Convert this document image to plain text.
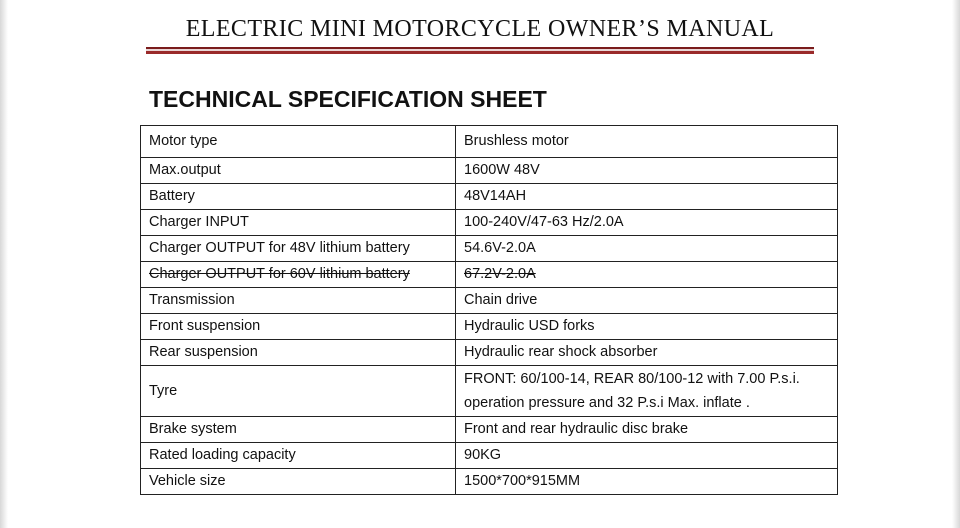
ELECTRIC MINI MOTORCYCLE OWNER’S MANUAL
TECHNICAL SPECIFICATION SHEET
Motor type	Brushless motor
Max.output	1600W 48V
Battery	48V14AH
Charger INPUT	100-240V/47-63 Hz/2.0A
Charger OUTPUT for 48V lithium battery	54.6V-2.0A
Charger OUTPUT for 60V lithium battery	67.2V-2.0A
Transmission	Chain drive
Front suspension	Hydraulic USD forks
Rear suspension	Hydraulic rear shock absorber
Tyre	FRONT: 60/100-14, REAR 80/100-12 with 7.00 P.s.i.
operation pressure and 32 P.s.i Max. inflate .

Brake system	Front and rear hydraulic disc brake
Rated loading capacity	90KG
Vehicle size	1500*700*915MM
